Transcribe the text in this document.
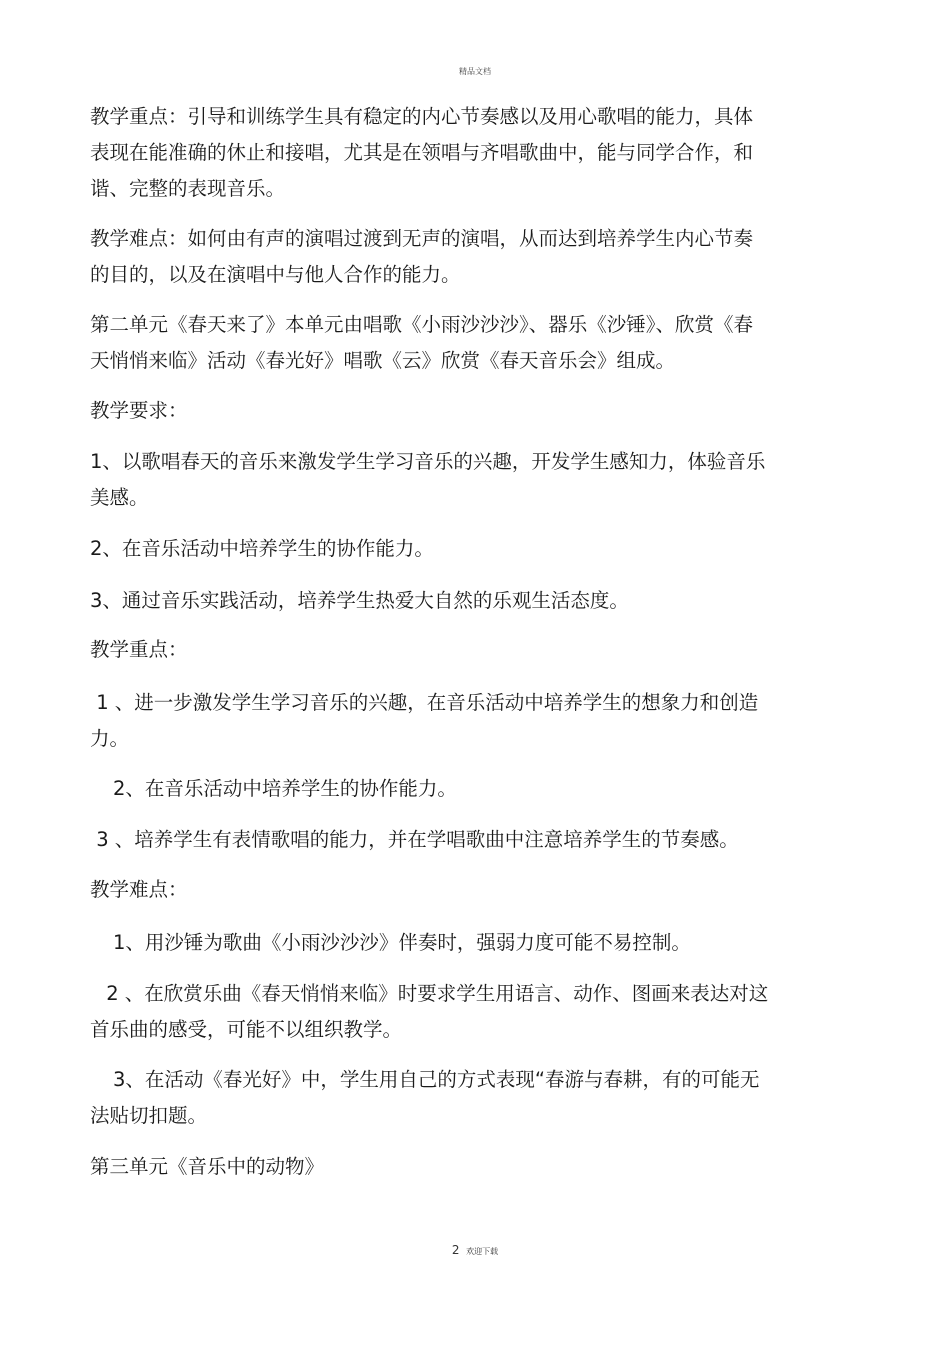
精品文档
教学重点：引导和训练学生具有稳定的内心节奏感以及用心歌唱的能力，具体
表现在能准确的休止和接唱，尤其是在领唱与齐唱歌曲中，能与同学合作，和
谐、完整的表现音乐。
教学难点：如何由有声的演唱过渡到无声的演唱，从而达到培养学生内心节奏
的目的，以及在演唱中与他人合作的能力。
第二单元《春天来了》本单元由唱歌《小雨沙沙沙》、器乐《沙锤》、欣赏《春
天悄悄来临》活动《春光好》唱歌《云》欣赏《春天音乐会》组成。
教学要求：
1、以歌唱春天的音乐来激发学生学习音乐的兴趣，开发学生感知力，体验音乐
美感。
2、在音乐活动中培养学生的协作能力。
3、通过音乐实践活动，培养学生热爱大自然的乐观生活态度。
教学重点：
1 、进一步激发学生学习音乐的兴趣，在音乐活动中培养学生的想象力和创造
力。
2、在音乐活动中培养学生的协作能力。
3 、培养学生有表情歌唱的能力，并在学唱歌曲中注意培养学生的节奏感。
教学难点：
1、用沙锤为歌曲《小雨沙沙沙》伴奏时，强弱力度可能不易控制。
2 、在欣赏乐曲《春天悄悄来临》时要求学生用语言、动作、图画来表达对这
首乐曲的感受，可能不以组织教学。
3、在活动《春光好》中，学生用自己的方式表现“春游与春耕，有的可能无
法贴切扣题。
第三单元《音乐中的动物》
2 欢迎下载
